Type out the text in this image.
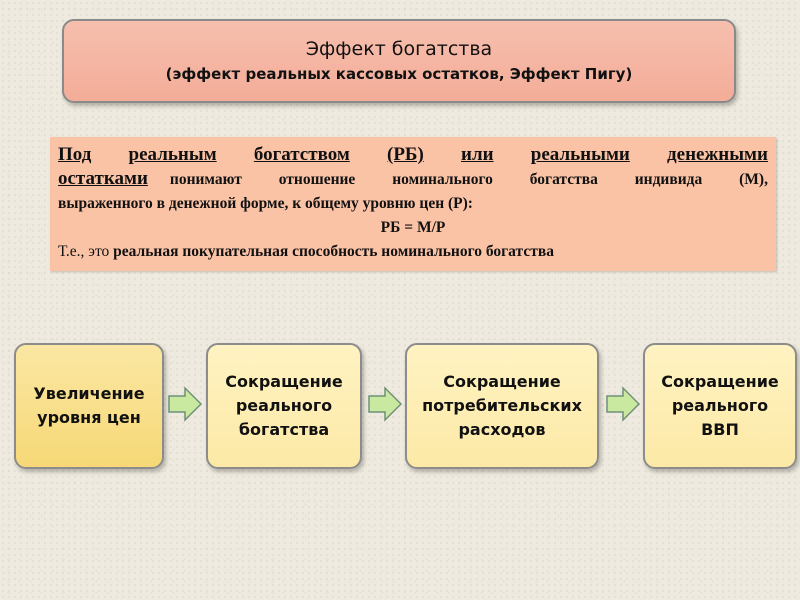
Эффект богатства
(эффект реальных кассовых остатков, Эффект Пигу)
Под реальным богатством (РБ) или реальными денежными
остатками понимают отношение номинального богатства индивида (М),
выраженного в денежной форме, к общему уровню цен (Р):
РБ = М/Р
Т.е., это реальная покупательная способность номинального богатства
Увеличение
уровня цен
Сокращение
реального
богатства
Сокращение
потребительских
расходов
Сокращение
реального
ВВП
